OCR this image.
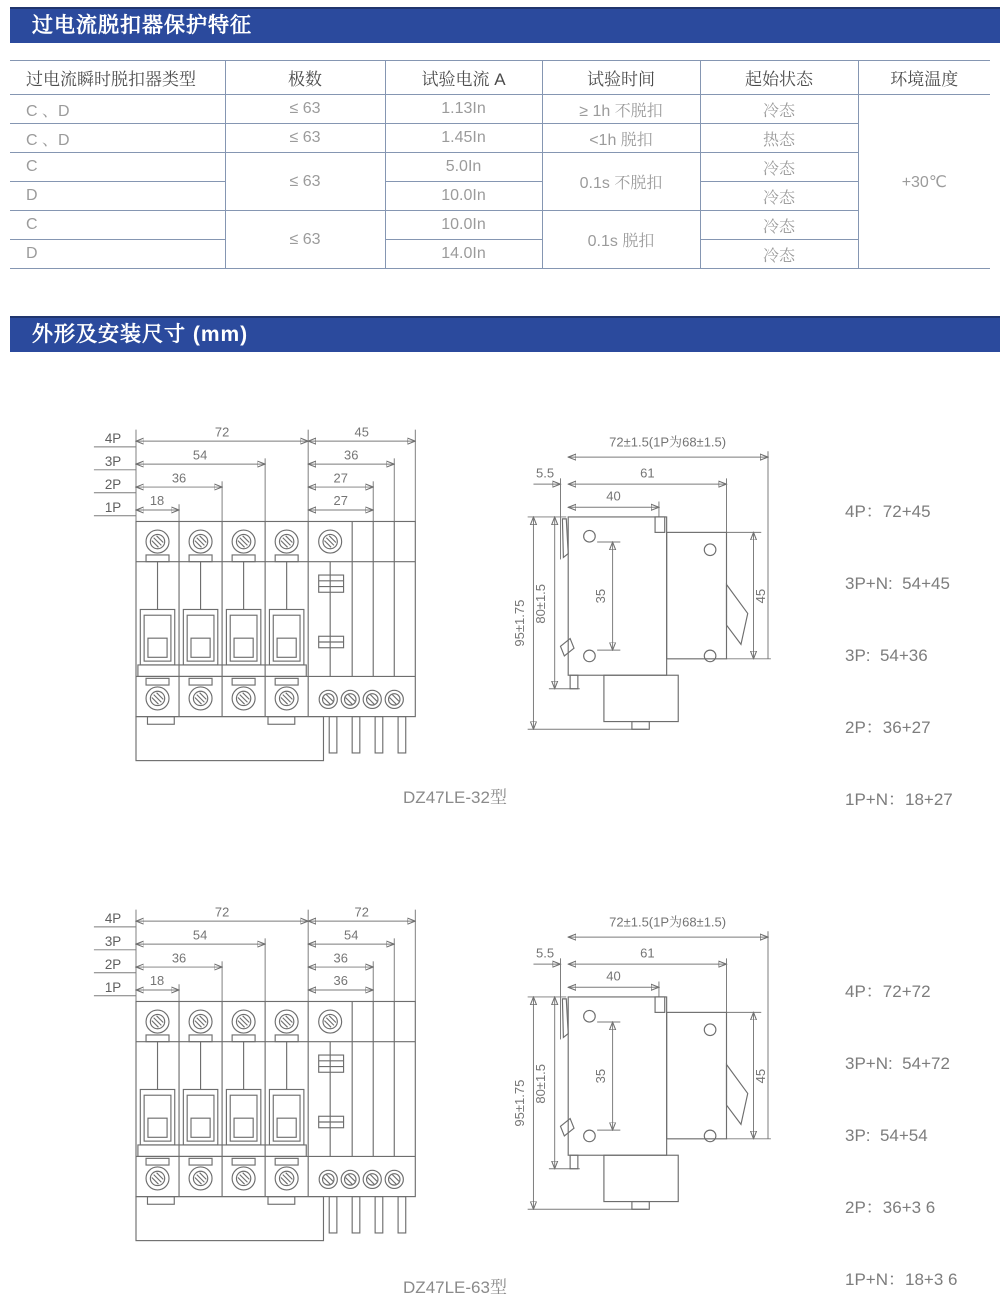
过电流脱扣器保护特征
过电流瞬时脱扣器类型	极数	试验电流 A	试验时间	起始状态	环境温度
C 、D	≤ 63	1.13In	≥ 1h 不脱扣	冷态	+30℃
C 、D	≤ 63	1.45In	<1h 脱扣	热态	
C	≤ 63	5.0In	0.1s 不脱扣	冷态	
D		10.0In		冷态	
C	≤ 63	10.0In	0.1s 脱扣	冷态	
D		14.0In		冷态	
外形及安装尺寸 (mm)
4P
3P
2P
1P
72
54
36
18
45
36
27
27
72±1.5(1P为68±1.5)
61
40
5.5
95±1.75 80±1.5	35	45

4P：72+45

3P+N:  54+45

3P:  54+36

2P：36+27

1P+N：18+27

DZ47LE-32型
4P
3P
2P
1P
72
54
36
18
72
54
36
36
72±1.5(1P为68±1.5)
61
40
5.5
95±1.75 80±1.5	35	45

4P：72+72

3P+N:  54+72

3P:  54+54

2P：36+3 6

1P+N：18+3 6

DZ47LE-63型
